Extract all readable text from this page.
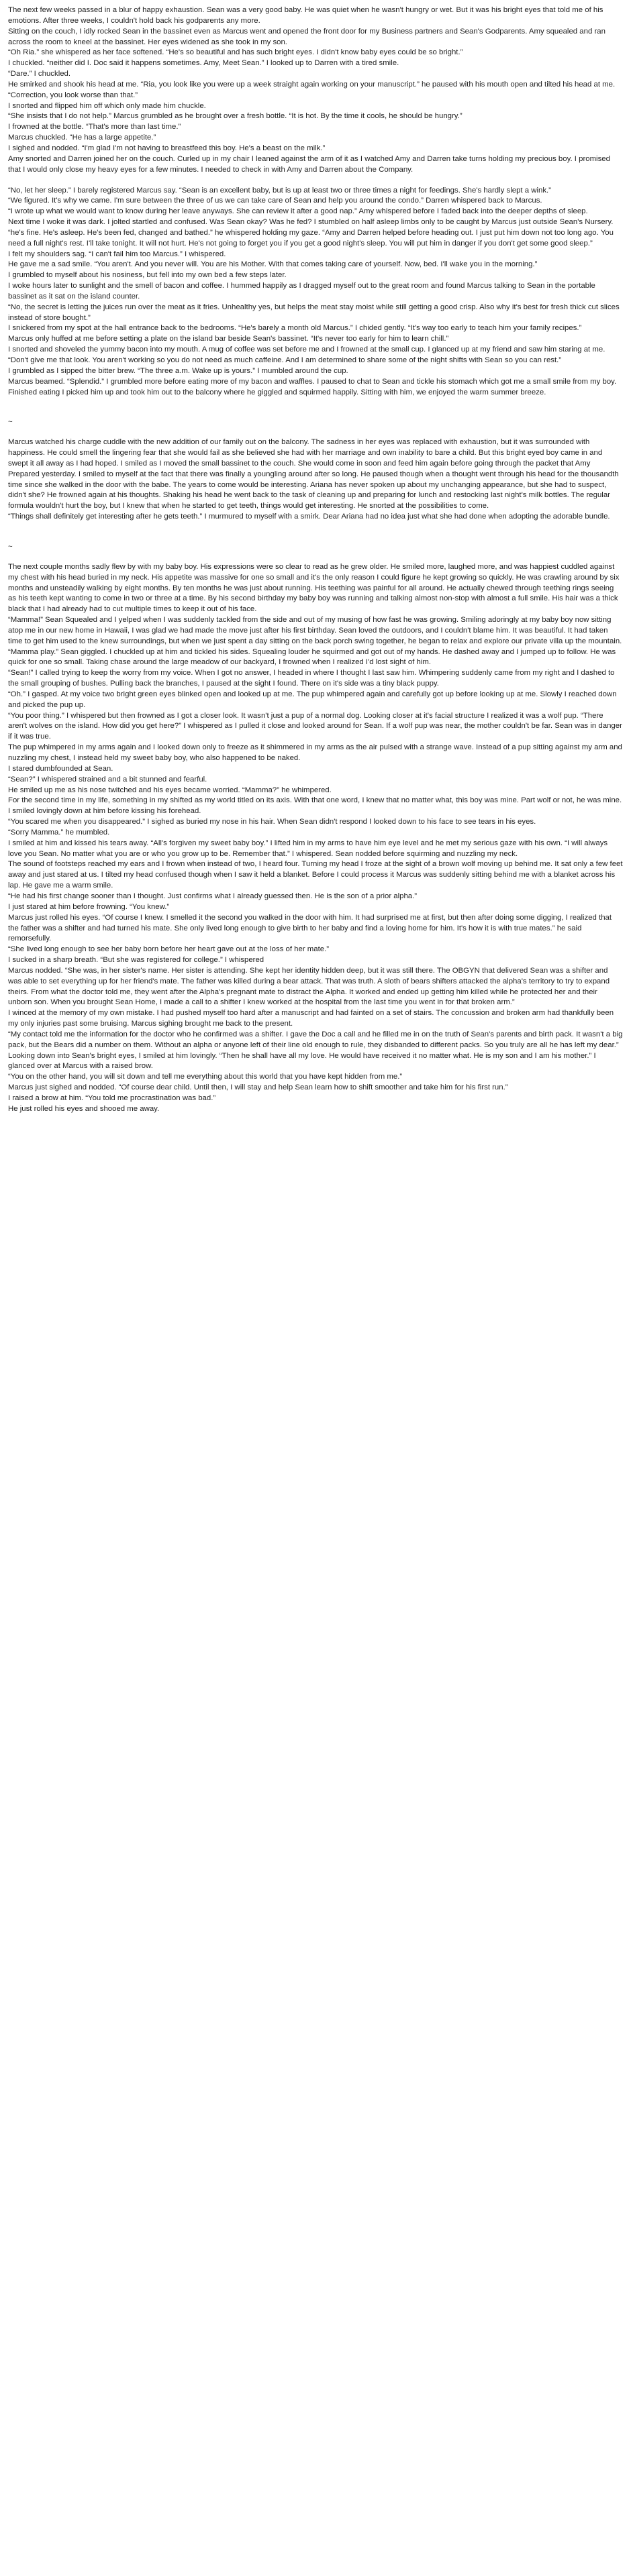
The next few weeks passed in a blur of happy exhaustion. Sean was a very good baby. He was quiet when he wasn't hungry or wet. But it was his bright eyes that told me of his emotions. After three weeks, I couldn't hold back his godparents any more.

Sitting on the couch, I idly rocked Sean in the bassinet even as Marcus went and opened the front door for my Business partners and Sean's Godparents. Amy squealed and ran across the room to kneel at the bassinet. Her eyes widened as she took in my son.

“Oh Ria.” she whispered as her face softened. “He's so beautiful and has such bright eyes. I didn't know baby eyes could be so bright.”

I chuckled. “neither did I. Doc said it happens sometimes. Amy, Meet Sean.” I looked up to Darren with a tired smile.

“Dare.” I chuckled.

He smirked and shook his head at me. “Ria, you look like you were up a week straight again working on your manuscript.” he paused with his mouth open and tilted his head at me. “Correction, you look worse than that.”

I snorted and flipped him off which only made him chuckle.

“She insists that I do not help.” Marcus grumbled as he brought over a fresh bottle. “It is hot. By the time it cools, he should be hungry.”

I frowned at the bottle. “That's more than last time.”

Marcus chuckled. “He has a large appetite.”

I sighed and nodded. “I'm glad I'm not having to breastfeed this boy. He's a beast on the milk.”

Amy snorted and Darren joined her on the couch. Curled up in my chair I leaned against the arm of it as I watched Amy and Darren take turns holding my precious boy. I promised that I would only close my heavy eyes for a few minutes. I needed to check in with Amy and Darren about the Company.

“No, let her sleep.” I barely registered Marcus say. “Sean is an excellent baby, but is up at least two or three times a night for feedings. She's hardly slept a wink.”

“We figured. It's why we came. I'm sure between the three of us we can take care of Sean and help you around the condo.” Darren whispered back to Marcus.

“I wrote up what we would want to know during her leave anyways. She can review it after a good nap.” Amy whispered before I faded back into the deeper depths of sleep.

Next time I woke it was dark. I jolted startled and confused. Was Sean okay? Was he fed? I stumbled on half asleep limbs only to be caught by Marcus just outside Sean's Nursery.

“he's fine. He's asleep. He's been fed, changed and bathed.” he whispered holding my gaze. “Amy and Darren helped before heading out. I just put him down not too long ago. You need a full night's rest. I'll take tonight. It will not hurt. He's not going to forget you if you get a good night's sleep. You will put him in danger if you don't get some good sleep.”

I felt my shoulders sag. “I can't fail him too Marcus.” I whispered.

He gave me a sad smile. “You aren't. And you never will. You are his Mother. With that comes taking care of yourself. Now, bed. I'll wake you in the morning.”

I grumbled to myself about his nosiness, but fell into my own bed a few steps later.

I woke hours later to sunlight and the smell of bacon and coffee. I hummed happily as I dragged myself out to the great room and found Marcus talking to Sean in the portable bassinet as it sat on the island counter.

“No, the secret is letting the juices run over the meat as it fries. Unhealthy yes, but helps the meat stay moist while still getting a good crisp. Also why it's best for fresh thick cut slices instead of store bought.”

I snickered from my spot at the hall entrance back to the bedrooms. “He's barely a month old Marcus.” I chided gently. “It's way too early to teach him your family recipes.”

Marcus only huffed at me before setting a plate on the island bar beside Sean's bassinet. “It's never too early for him to learn chill.”

I snorted and shoveled the yummy bacon into my mouth. A mug of coffee was set before me and I frowned at the small cup. I glanced up at my friend and saw him staring at me.

“Don't give me that look. You aren't working so you do not need as much caffeine. And I am determined to share some of the night shifts with Sean so you can rest.”

I grumbled as I sipped the bitter brew. “The three a.m. Wake up is yours.” I mumbled around the cup.

Marcus beamed. “Splendid.” I grumbled more before eating more of my bacon and waffles. I paused to chat to Sean and tickle his stomach which got me a small smile from my boy. Finished eating I picked him up and took him out to the balcony where he giggled and squirmed happily. Sitting with him, we enjoyed the warm summer breeze.

~

Marcus watched his charge cuddle with the new addition of our family out on the balcony. The sadness in her eyes was replaced with exhaustion, but it was surrounded with happiness. He could smell the lingering fear that she would fail as she believed she had with her marriage and own inability to bare a child. But this bright eyed boy came in and swept it all away as I had hoped. I smiled as I moved the small bassinet to the couch. She would come in soon and feed him again before going through the packet that Amy Prepared yesterday. I smiled to myself at the fact that there was finally a youngling around after so long. He paused though when a thought went through his head for the thousandth time since she walked in the door with the babe. The years to come would be interesting. Ariana has never spoken up about my unchanging appearance, but she had to suspect, didn't she? He frowned again at his thoughts. Shaking his head he went back to the task of cleaning up and preparing for lunch and restocking last night's milk bottles. The regular formula wouldn't hurt the boy, but I knew that when he started to get teeth, things would get interesting. He snorted at the possibilities to come.

“Things shall definitely get interesting after he gets teeth.” I murmured to myself with a smirk. Dear Ariana had no idea just what she had done when adopting the adorable bundle.

~

The next couple months sadly flew by with my baby boy. His expressions were so clear to read as he grew older. He smiled more, laughed more, and was happiest cuddled against my chest with his head buried in my neck. His appetite was massive for one so small and it's the only reason I could figure he kept growing so quickly. He was crawling around by six months and unsteadily walking by eight months. By ten months he was just about running. His teething was painful for all around. He actually chewed through teething rings seeing as his teeth kept wanting to come in two or three at a time. By his second birthday my baby boy was running and talking almost non-stop with almost a full smile. His hair was a thick black that I had already had to cut multiple times to keep it out of his face.

“Mamma!” Sean Squealed and I yelped when I was suddenly tackled from the side and out of my musing of how fast he was growing. Smiling adoringly at my baby boy now sitting atop me in our new home in Hawaii, I was glad we had made the move just after his first birthday. Sean loved the outdoors, and I couldn't blame him. It was beautiful. It had taken time to get him used to the knew surroundings, but when we just spent a day sitting on the back porch swing together, he began to relax and explore our private villa up the mountain.

“Mamma play.” Sean giggled. I chuckled up at him and tickled his sides. Squealing louder he squirmed and got out of my hands. He dashed away and I jumped up to follow. He was quick for one so small. Taking chase around the large meadow of our backyard, I frowned when I realized I'd lost sight of him.

“Sean!” I called trying to keep the worry from my voice. When I got no answer, I headed in where I thought I last saw him. Whimpering suddenly came from my right and I dashed to the small grouping of bushes. Pulling back the branches, I paused at the sight I found. There on it's side was a tiny black puppy.

“Oh.” I gasped. At my voice two bright green eyes blinked open and looked up at me. The pup whimpered again and carefully got up before looking up at me. Slowly I reached down and picked the pup up.

“You poor thing.” I whispered but then frowned as I got a closer look. It wasn't just a pup of a normal dog. Looking closer at it's facial structure I realized it was a wolf pup. “There aren't wolves on the island. How did you get here?” I whispered as I pulled it close and looked around for Sean. If a wolf pup was near, the mother couldn't be far. Sean was in danger if it was true.

The pup whimpered in my arms again and I looked down only to freeze as it shimmered in my arms as the air pulsed with a strange wave. Instead of a pup sitting against my arm and nuzzling my chest, I instead held my sweet baby boy, who also happened to be naked.

I stared dumbfounded at Sean.

“Sean?” I whispered strained and a bit stunned and fearful.

He smiled up me as his nose twitched and his eyes became worried. “Mamma?” he whimpered.

For the second time in my life, something in my shifted as my world titled on its axis. With that one word, I knew that no matter what, this boy was mine. Part wolf or not, he was mine.

I smiled lovingly down at him before kissing his forehead.

“You scared me when you disappeared.” I sighed as buried my nose in his hair. When Sean didn't respond I looked down to his face to see tears in his eyes.

“Sorry Mamma.” he mumbled.

I smiled at him and kissed his tears away. “All's forgiven my sweet baby boy.” I lifted him in my arms to have him eye level and he met my serious gaze with his own. “I will always love you Sean. No matter what you are or who you grow up to be. Remember that.” I whispered. Sean nodded before squirming and nuzzling my neck.

The sound of footsteps reached my ears and I frown when instead of two, I heard four. Turning my head I froze at the sight of a brown wolf moving up behind me. It sat only a few feet away and just stared at us. I tilted my head confused though when I saw it held a blanket. Before I could process it Marcus was suddenly sitting behind me with a blanket across his lap. He gave me a warm smile.

“He had his first change sooner than I thought. Just confirms what I already guessed then. He is the son of a prior alpha.”

I just stared at him before frowning. “You knew.”

Marcus just rolled his eyes. “Of course I knew. I smelled it the second you walked in the door with him. It had surprised me at first, but then after doing some digging, I realized that the father was a shifter and had turned his mate. She only lived long enough to give birth to her baby and find a loving home for him. It's how it is with true mates.” he said remorsefully.

“She lived long enough to see her baby born before her heart gave out at the loss of her mate.”

I sucked in a sharp breath. “But she was registered for college.” I whispered

Marcus nodded. “She was, in her sister's name. Her sister is attending. She kept her identity hidden deep, but it was still there. The OBGYN that delivered Sean was a shifter and was able to set everything up for her friend's mate. The father was killed during a bear attack. That was truth. A sloth of bears shifters attacked the alpha's territory to try to expand theirs. From what the doctor told me, they went after the Alpha's pregnant mate to distract the Alpha. It worked and ended up getting him killed while he protected her and their unborn son. When you brought Sean Home, I made a call to a shifter I knew worked at the hospital from the last time you went in for that broken arm.”

I winced at the memory of my own mistake. I had pushed myself too hard after a manuscript and had fainted on a set of stairs. The concussion and broken arm had thankfully been my only injuries past some bruising. Marcus sighing brought me back to the present.

“My contact told me the information for the doctor who he confirmed was a shifter. I gave the Doc a call and he filled me in on the truth of Sean's parents and birth pack. It wasn't a big pack, but the Bears did a number on them. Without an alpha or anyone left of their line old enough to rule, they disbanded to different packs. So you truly are all he has left my dear.” Looking down into Sean's bright eyes, I smiled at him lovingly. “Then he shall have all my love. He would have received it no matter what. He is my son and I am his mother.” I glanced over at Marcus with a raised brow.

“You on the other hand, you will sit down and tell me everything about this world that you have kept hidden from me.”

Marcus just sighed and nodded. “Of course dear child. Until then, I will stay and help Sean learn how to shift smoother and take him for his first run.”

I raised a brow at him. “You told me procrastination was bad.”

He just rolled his eyes and shooed me away.
